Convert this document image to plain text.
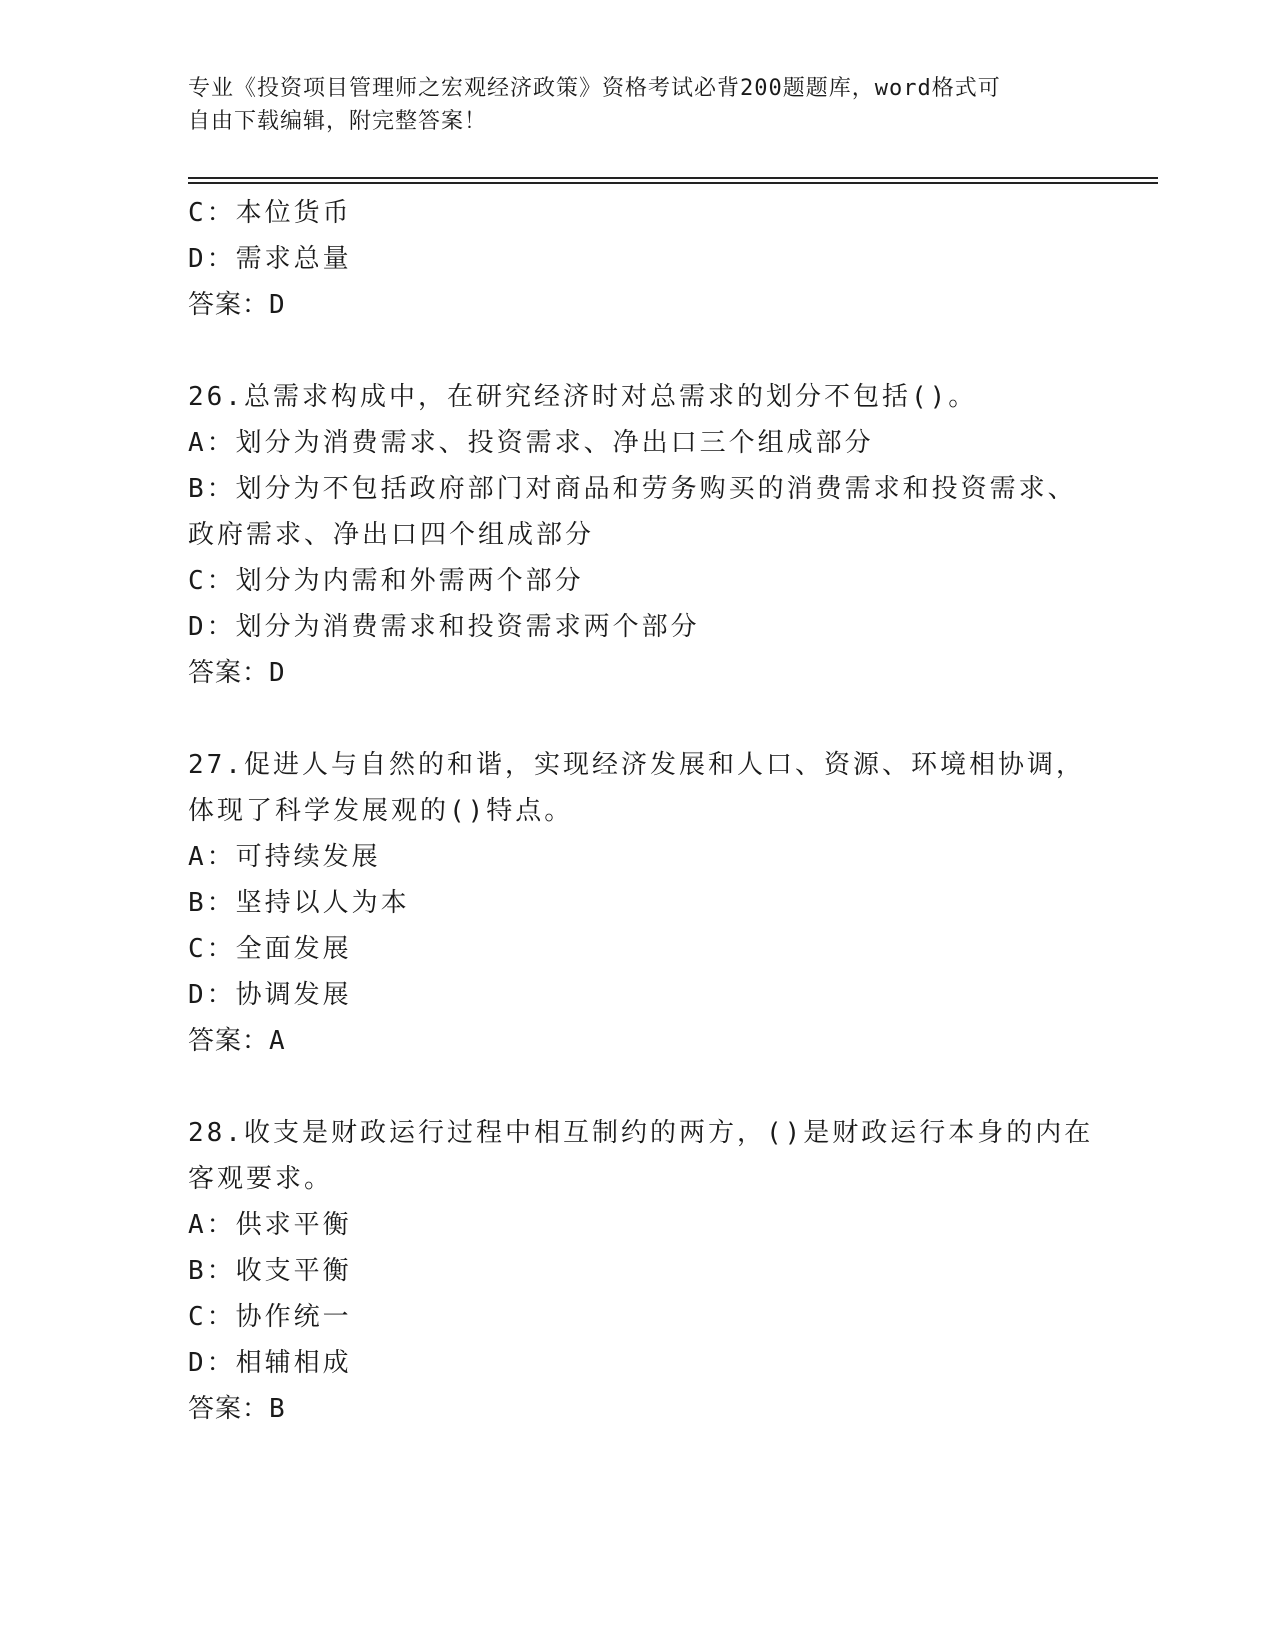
专业《投资项目管理师之宏观经济政策》资格考试必背200题题库，word格式可
自由下载编辑，附完整答案！
C：本位货币
D：需求总量
答案：D
26.总需求构成中，在研究经济时对总需求的划分不包括()。
A：划分为消费需求、投资需求、净出口三个组成部分
B：划分为不包括政府部门对商品和劳务购买的消费需求和投资需求、
政府需求、净出口四个组成部分
C：划分为内需和外需两个部分
D：划分为消费需求和投资需求两个部分
答案：D
27.促进人与自然的和谐，实现经济发展和人口、资源、环境相协调，
体现了科学发展观的()特点。
A：可持续发展
B：坚持以人为本
C：全面发展
D：协调发展
答案：A
28.收支是财政运行过程中相互制约的两方，()是财政运行本身的内在
客观要求。
A：供求平衡
B：收支平衡
C：协作统一
D：相辅相成
答案：B
